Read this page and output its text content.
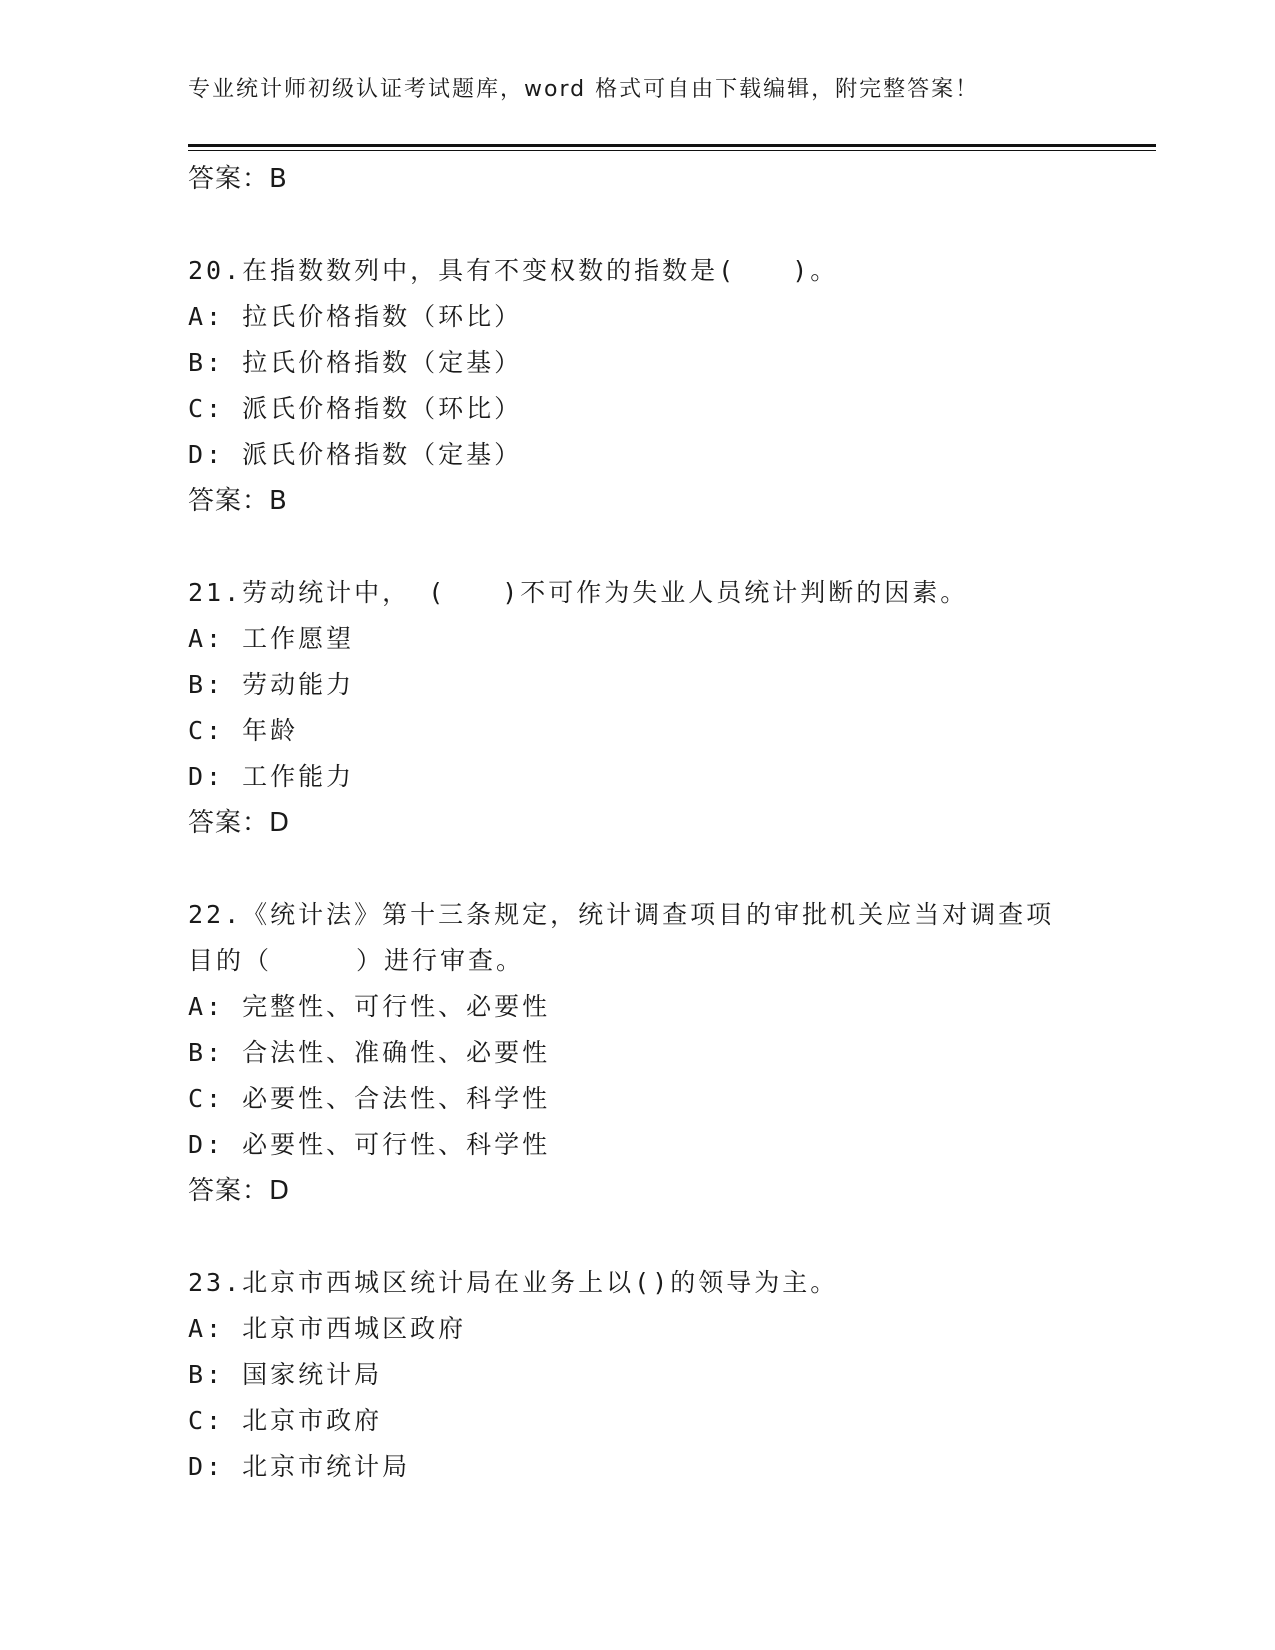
专业统计师初级认证考试题库，word 格式可自由下载编辑，附完整答案！
答案：B
20.在指数数列中，具有不变权数的指数是(　　)。
A: 拉氏价格指数（环比）
B: 拉氏价格指数（定基）
C: 派氏价格指数（环比）
D: 派氏价格指数（定基）
答案：B
21.劳动统计中， (　　)不可作为失业人员统计判断的因素。
A: 工作愿望
B: 劳动能力
C: 年龄
D: 工作能力
答案：D
22.《统计法》第十三条规定，统计调查项目的审批机关应当对调查项
目的（　　　）进行审查。
A: 完整性、可行性、必要性
B: 合法性、准确性、必要性
C: 必要性、合法性、科学性
D: 必要性、可行性、科学性
答案：D
23.北京市西城区统计局在业务上以()的领导为主。
A: 北京市西城区政府
B: 国家统计局
C: 北京市政府
D: 北京市统计局
